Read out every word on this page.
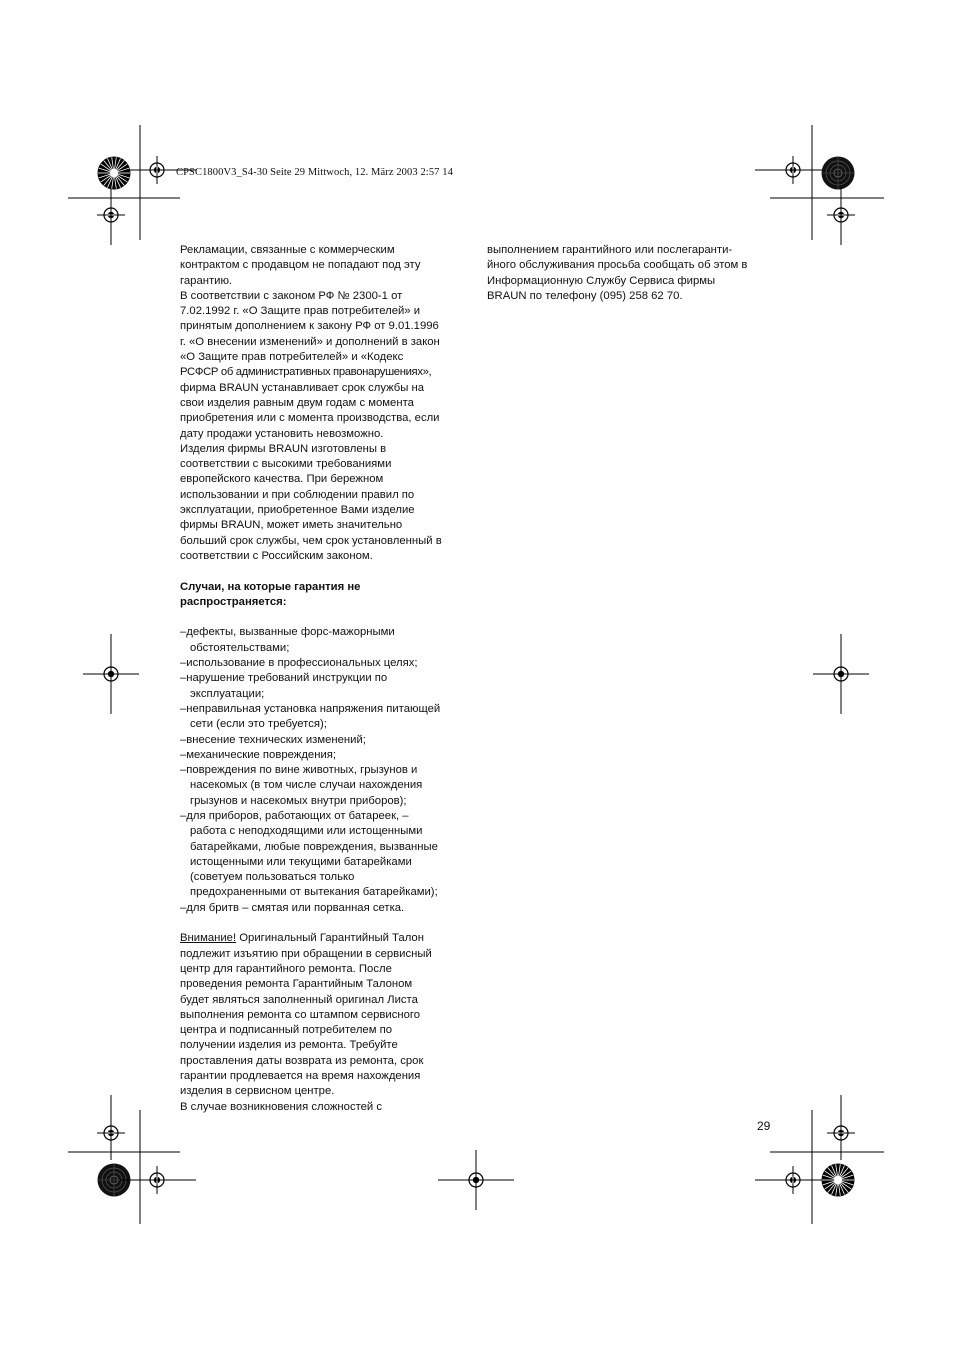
CPSC1800V3_S4-30 Seite 29 Mittwoch, 12. März 2003 2:57 14

Рекламации, связанные с коммерческим

контрактом с продавцом не попадают под эту

гарантию.

В соответствии с законом РФ № 2300-1 от

7.02.1992 г. «О Защите прав потребителей» и

принятым дополнением к закону РФ от 9.01.1996

г. «О внесении изменений» и дополнений в закон

«О Защите прав потребителей» и «Кодекс

РСФСР об административных правонарушениях»,

фирма BRAUN устанавливает срок службы на

свои изделия равным двум годам с момента

приобретения или с момента производства, если

дату продажи установить невозможно.

Изделия фирмы BRAUN изготовлены в

соответствии с высокими требованиями

европейского качества. При бережном

использовании и при соблюдении правил по

эксплуатации, приобретенное Вами изделие

фирмы BRAUN, может иметь значительно

больший срок службы, чем срок установленный в

соответствии с Российским законом.

Случаи, на которые гарантия не

распространяется:

–дефекты, вызванные форс-мажорными

обстоятельствами;

–использование в профессиональных целях;

–нарушение требований инструкции по

эксплуатации;

–неправильная установка напряжения питающей

сети (если это требуется);

–внесение технических изменений;

–механические повреждения;

–повреждения по вине животных, грызунов и

насекомых (в том числе случаи нахождения

грызунов и насекомых внутри приборов);

–для приборов, работающих от батареек, –

работа с неподходящими или истощенными

батарейками, любые повреждения, вызванные

истощенными или текущими батарейками

(советуем пользоваться только

предохраненными от вытекания батарейками);

–для бритв – смятая или порванная сетка.

Внимание! Оригинальный Гарантийный Талон

подлежит изъятию при обращении в сервисный

центр для гарантийного ремонта. После

проведения ремонта Гарантийным Талоном

будет являться заполненный оригинал Листа

выполнения ремонта со штампом сервисного

центра и подписанный потребителем по

получении изделия из ремонта. Требуйте

проставления даты возврата из ремонта, срок

гарантии продлевается на время нахождения

изделия в сервисном центре.

В случае возникновения сложностей с

выполнением гарантийного или послегаранти-

йного обслуживания просьба сообщать об этом в

Информационную Службу Сервиса фирмы

BRAUN по телефону (095) 258 62 70.

29
